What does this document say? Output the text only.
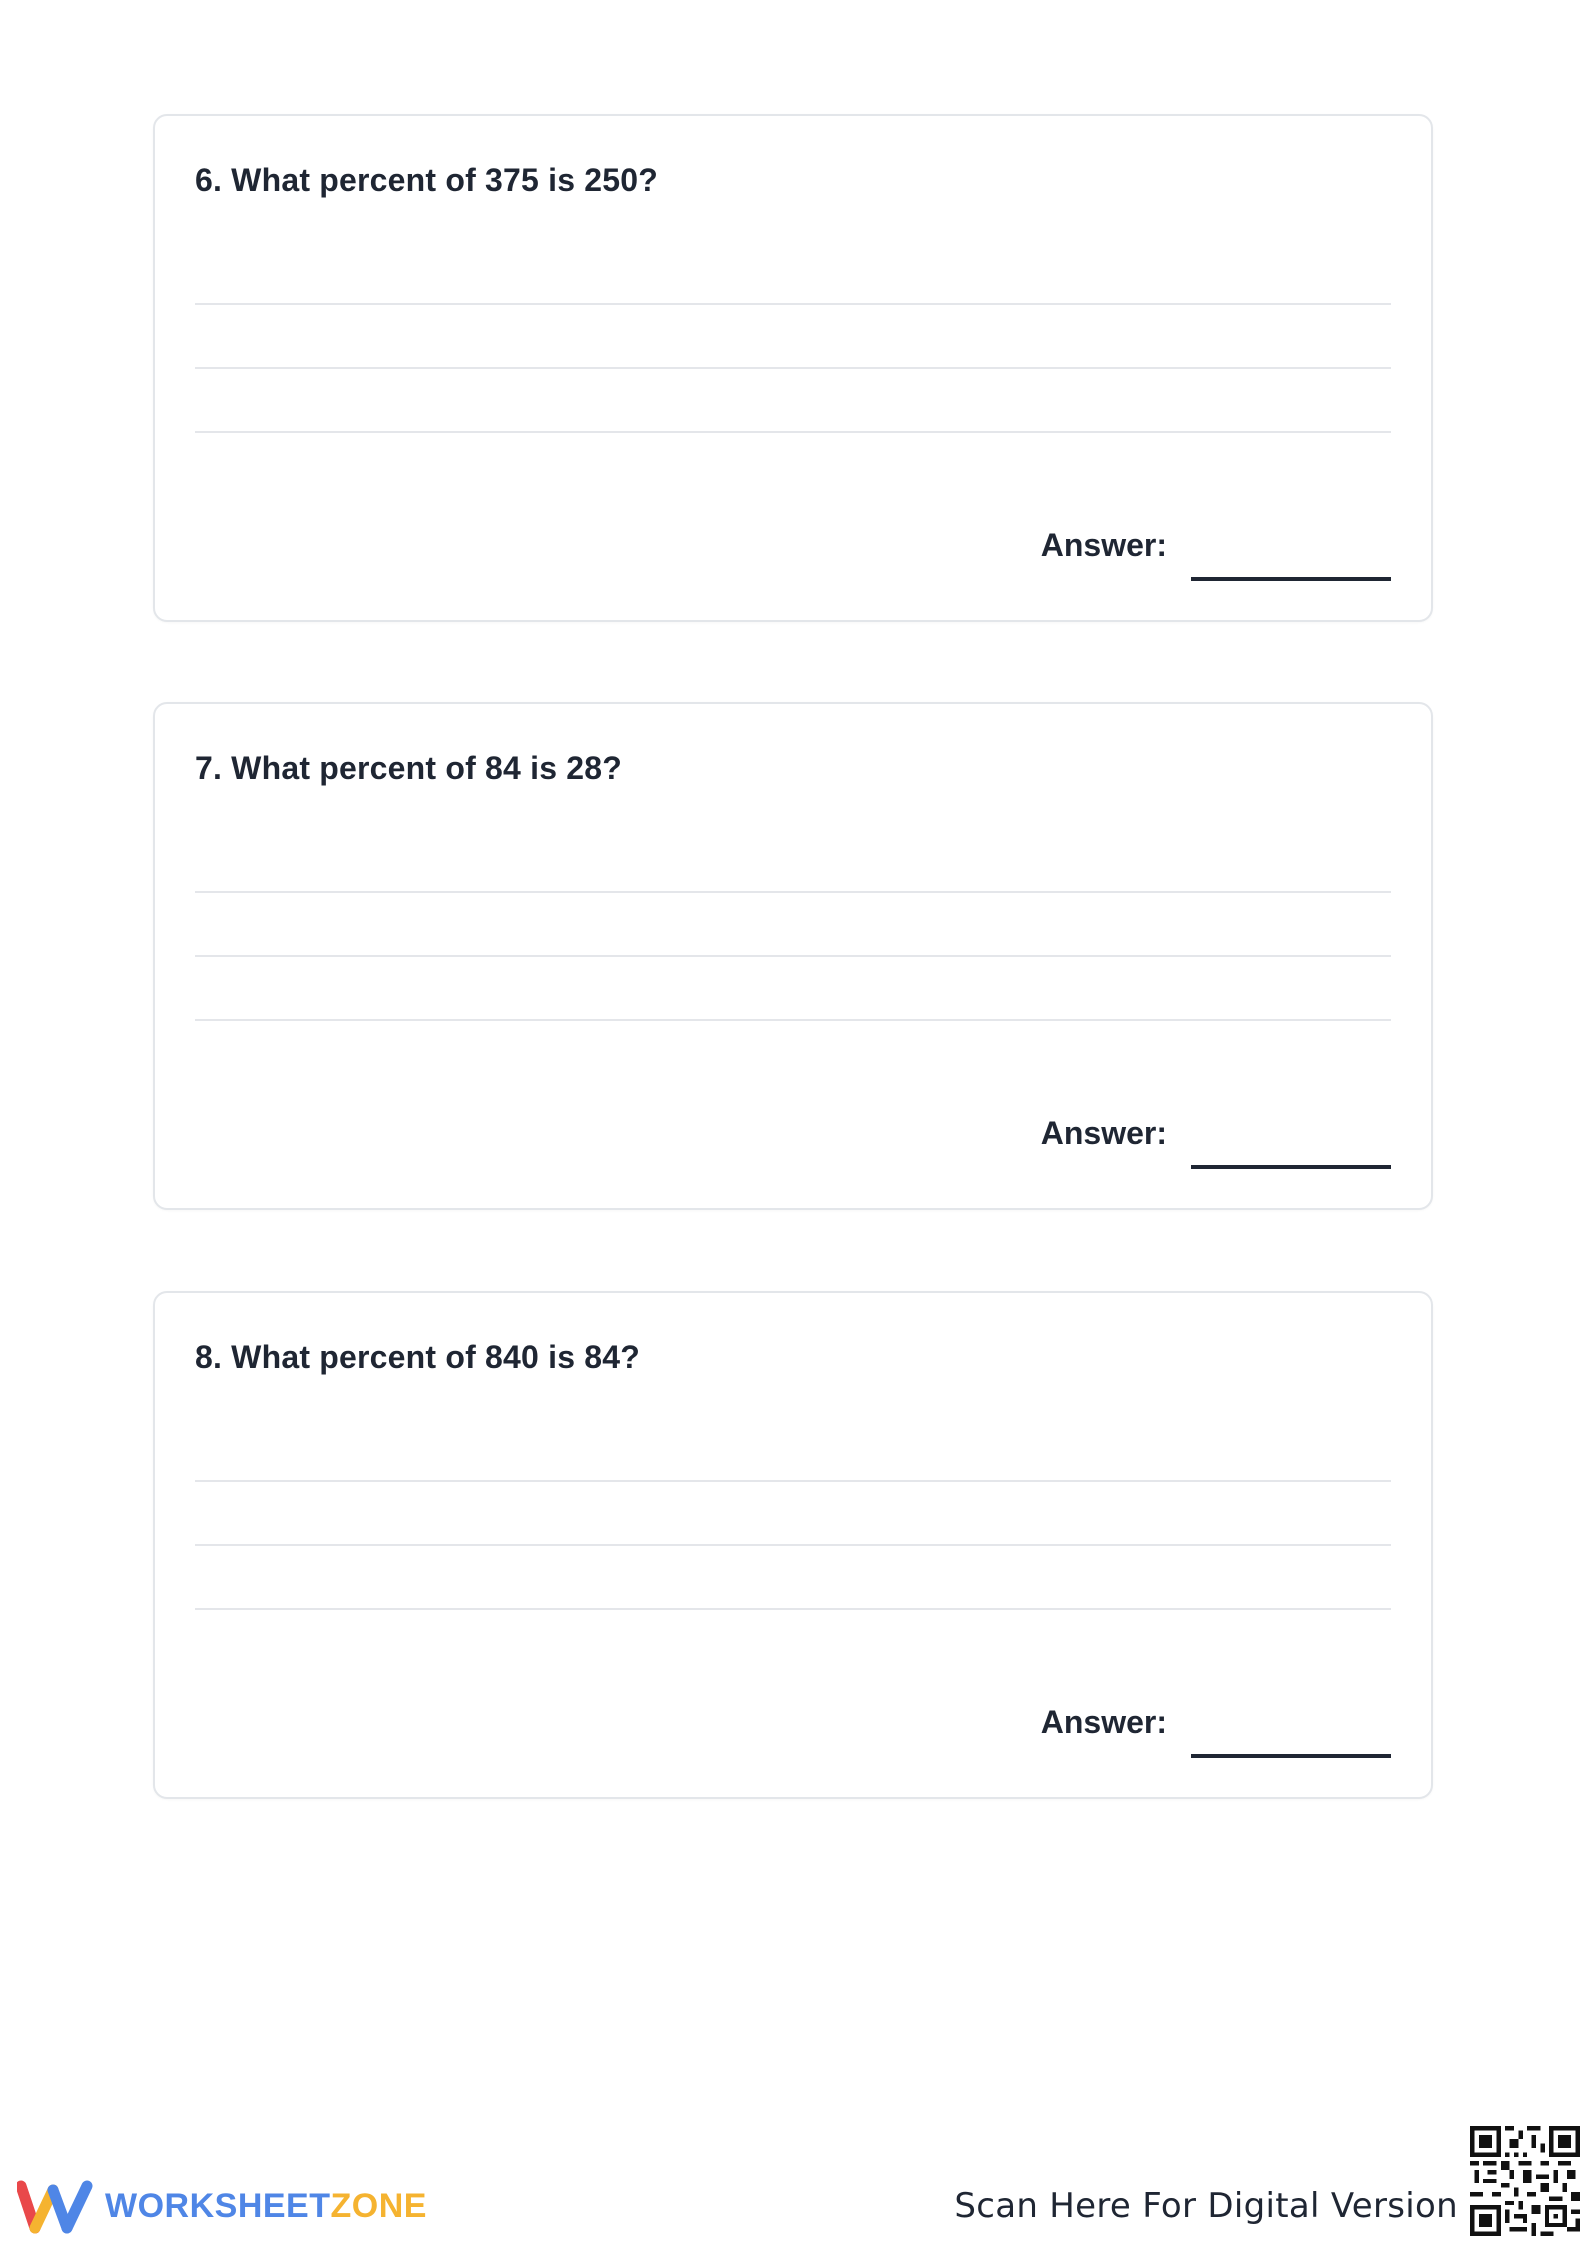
6. What percent of 375 is 250?
Answer:
7. What percent of 84 is 28?
Answer:
8. What percent of 840 is 84?
Answer:
WORKSHEETZONE	Scan Here For Digital Version
